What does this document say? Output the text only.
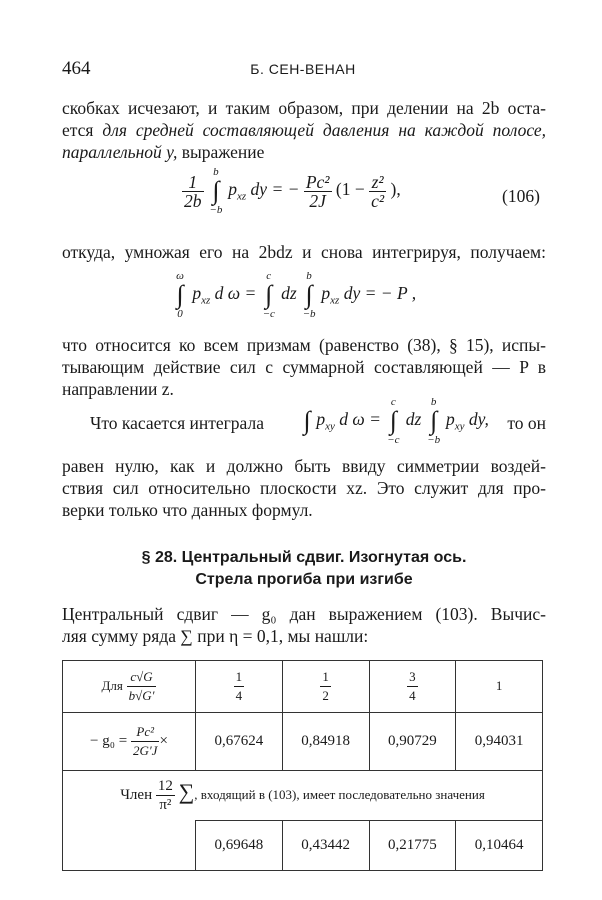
464	Б. СЕН-ВЕНАН
скобках исчезают, и таким образом, при делении на 2b оста-
ется для средней составляющей давления на каждой полосе,
параллельной y, выражение
$\frac{1}{2b}$

b
∫
−b
$p_{xz}$ dy = − $\frac{\text{Pc²}}{2J} (1 - \frac{\text{z²}}{\text{c²}}$ ),	(106)
откуда, умножая его на 2bdz и снова интегрируя, получаем:
ω
∫
0
$p_{xz}$ d ω =
c
∫
−c
dz
b
∫
−b
$p_{xz}$ dy = − P ,
что относится ко всем призмам (равенство (38), § 15), испы-
тывающим действие сил с суммарной составляющей — P в
направлении z.
Что касается интеграла ∫ $p_{xy}$ d ω =
c
∫
−c
dz
b
∫
−b
$p_{xy}$ dy, то он
равен нулю, как и должно быть ввиду симметрии воздей-
ствия сил относительно плоскости xz. Это служит для про-
верки только что данных формул.
§ 28. Центральный сдвиг. Изогнутая ось.
Стрела прогиба при изгибе
Центральный сдвиг — g₀ дан выражением (103). Вычис-
ляя сумму ряда ∑ при η = 0,1, мы нашли:
Для $\frac{c√G}{b√G'}$	$\frac{1}{4}$	$\frac{1}{2}$	$\frac{3}{4}$	1
− $g_0 = \frac{\text{Pc²}}{2G'J}$ ×	0,67624	0,84918	0,90729	0,94031
Член $\frac{12}{\text{π²}}$ ∑, входящий в (103), имеет последовательно значения				
	0,69648	0,43442	0,21775	0,10464
